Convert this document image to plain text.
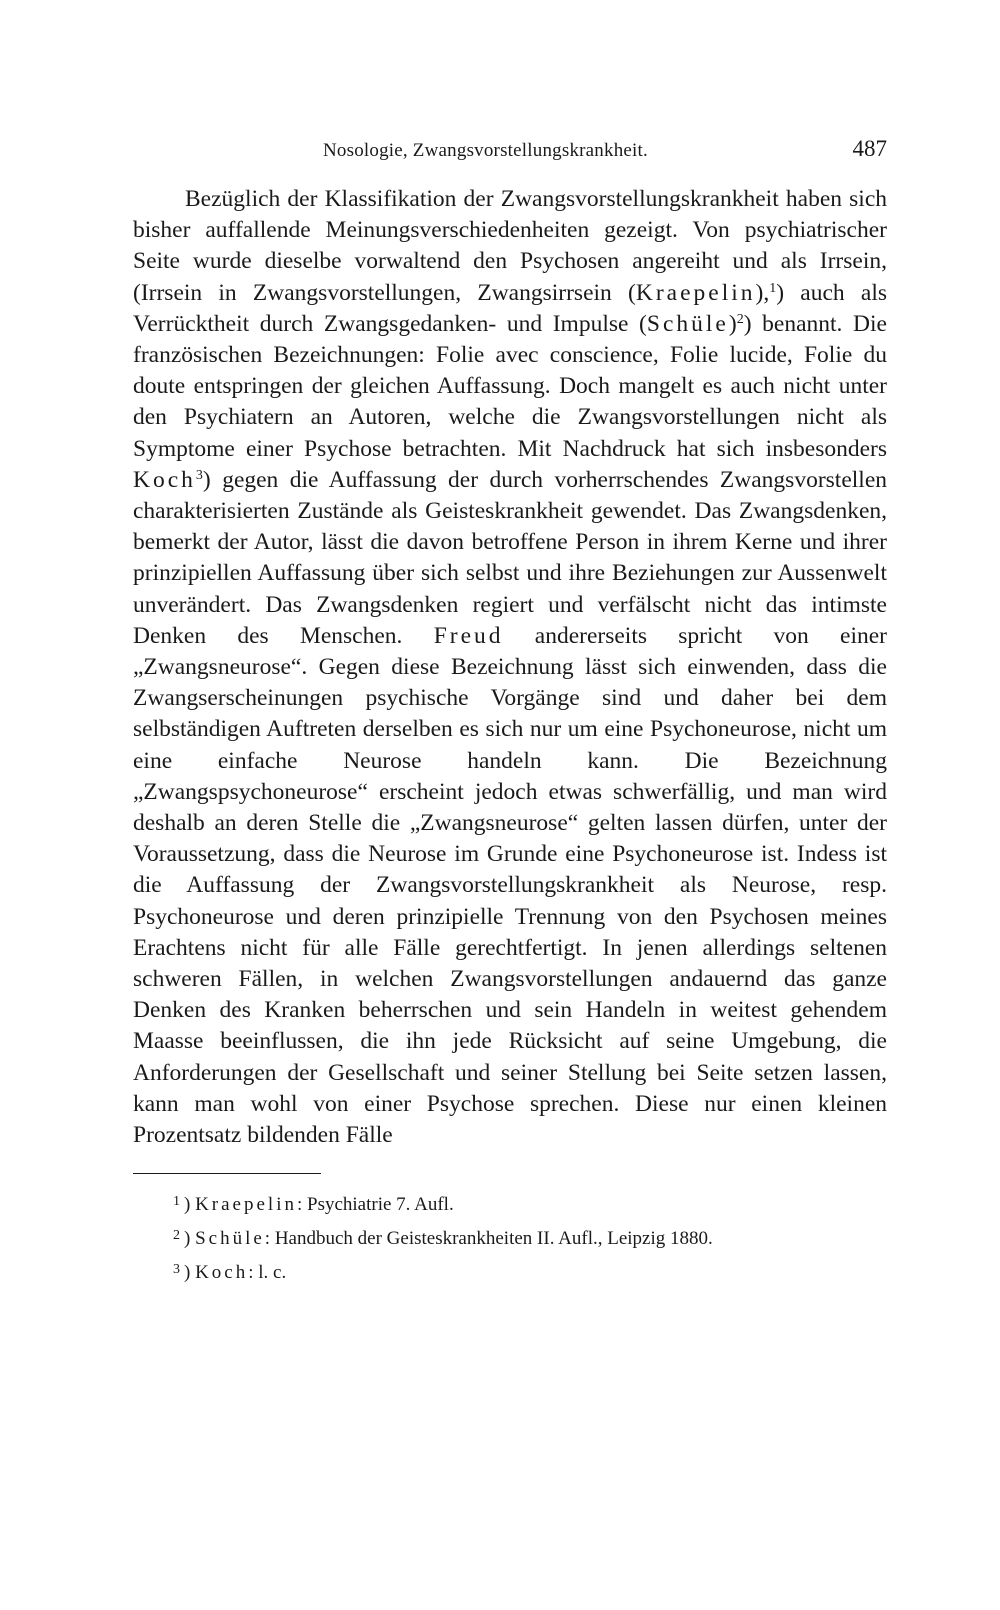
Nosologie, Zwangsvorstellungskrankheit.	487

Bezüglich der Klassifikation der Zwangsvorstellungskrankheit haben sich bisher auffallende Meinungsverschiedenheiten gezeigt. Von psychiatrischer Seite wurde dieselbe vorwaltend den Psychosen angereiht und als Irrsein, (Irrsein in Zwangsvorstellungen, Zwangsirrsein (Kraepelin),$^1$) auch als Verrücktheit durch Zwangsgedanken- und Impulse (Schüle)$^2$) benannt. Die französischen Bezeichnungen: Folie avec conscience, Folie lucide, Folie du doute entspringen der gleichen Auffassung. Doch mangelt es auch nicht unter den Psychiatern an Autoren, welche die Zwangsvorstellungen nicht als Symptome einer Psychose betrachten. Mit Nachdruck hat sich insbesonders Koch$^3$) gegen die Auffassung der durch vorherrschendes Zwangsvorstellen charakterisierten Zustände als Geisteskrankheit gewendet. Das Zwangsdenken, bemerkt der Autor, lässt die davon betroffene Person in ihrem Kerne und ihrer prinzipiellen Auffassung über sich selbst und ihre Beziehungen zur Aussenwelt unverändert. Das Zwangsdenken regiert und verfälscht nicht das intimste Denken des Menschen. Freud andererseits spricht von einer „Zwangsneurose“. Gegen diese Bezeichnung lässt sich einwenden, dass die Zwangserscheinungen psychische Vorgänge sind und daher bei dem selbständigen Auftreten derselben es sich nur um eine Psychoneurose, nicht um eine einfache Neurose handeln kann. Die Bezeichnung „Zwangspsychoneurose“ erscheint jedoch etwas schwerfällig, und man wird deshalb an deren Stelle die „Zwangsneurose“ gelten lassen dürfen, unter der Voraussetzung, dass die Neurose im Grunde eine Psychoneurose ist. Indess ist die Auffassung der Zwangsvorstellungskrankheit als Neurose, resp. Psychoneurose und deren prinzipielle Trennung von den Psychosen meines Erachtens nicht für alle Fälle gerechtfertigt. In jenen allerdings seltenen schweren Fällen, in welchen Zwangsvorstellungen andauernd das ganze Denken des Kranken beherrschen und sein Handeln in weitest gehendem Maasse beeinflussen, die ihn jede Rücksicht auf seine Umgebung, die Anforderungen der Gesellschaft und seiner Stellung bei Seite setzen lassen, kann man wohl von einer Psychose sprechen. Diese nur einen kleinen Prozentsatz bildenden Fälle

$^1$ ) Kraepelin: Psychiatrie 7. Aufl.
$^2$ ) Schüle: Handbuch der Geisteskrankheiten II. Aufl., Leipzig 1880.
$^3$ ) Koch: l. c.
